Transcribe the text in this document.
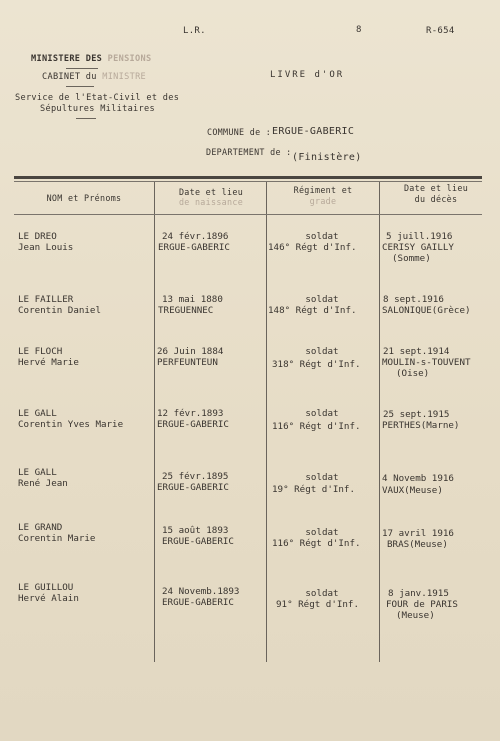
L.R.	8	R-654
MINISTERE DES PENSIONS
CABINET du MINISTRE
Service de l'Etat-Civil et des
Sépultures Militaires
LIVRE d'OR
COMMUNE de : ERGUE-GABERIC
DEPARTEMENT de : (Finistère)
NOM et Prénoms
Date et lieu
de naissance
Régiment et
grade
Date et lieu
du décès
LE DREO
Jean Louis
24 févr.1896
ERGUE-GABERIC
soldat
146° Régt d'Inf.
5 juill.1916
CERISY GAILLY
(Somme)
LE FAILLER
Corentin Daniel
13 mai 1880
TREGUENNEC
soldat
148° Régt d'Inf.
8 sept.1916
SALONIQUE(Grèce)
LE FLOCH
Hervé Marie
26 Juin 1884
PERFEUNTEUN
soldat
318° Régt d'Inf.
21 sept.1914
MOULIN-s-TOUVENT
(Oise)
LE GALL
Corentin Yves Marie
12 févr.1893
ERGUE-GABERIC
soldat
116° Régt d'Inf.
25 sept.1915
PERTHES(Marne)
LE GALL
René Jean
25 févr.1895
ERGUE-GABERIC
soldat
19° Régt d'Inf.
4 Novemb 1916
VAUX(Meuse)
LE GRAND
Corentin Marie
15 août 1893
ERGUE-GABERIC
soldat
116° Régt d'Inf.
17 avril 1916
BRAS(Meuse)
LE GUILLOU
Hervé Alain
24 Novemb.1893
ERGUE-GABERIC
soldat
91° Régt d'Inf.
8 janv.1915
FOUR de PARIS
(Meuse)
